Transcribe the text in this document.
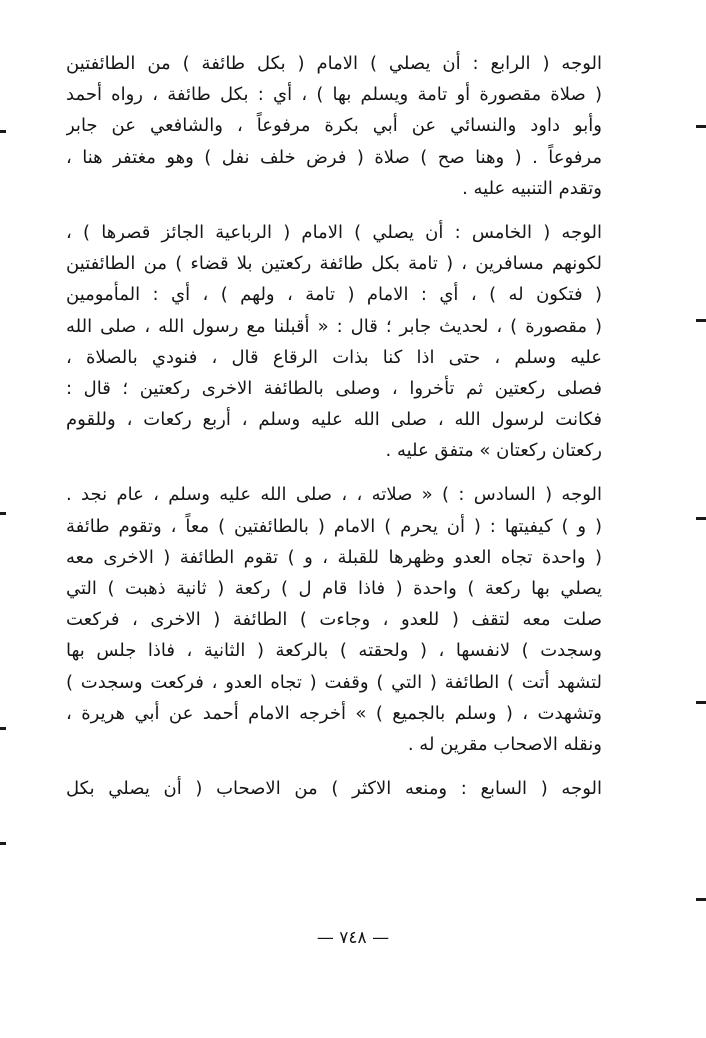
الوجه ( الرابع : أن يصلي ) الامام ( بكل طائفة ) من الطائفتين
( صلاة مقصورة أو تامة ويسلم بها ) ، أي : بكل طائفة ، رواه أحمد
وأبو داود والنسائي عن أبي بكرة مرفوعاً ، والشافعي عن جابر
مرفوعاً . ( وهنا صح ) صلاة ( فرض خلف نفل ) وهو مغتفر هنا ،
وتقدم التنبيه عليه .
الوجه ( الخامس : أن يصلي ) الامام ( الرباعية الجائز قصرها ) ،
لكونهم مسافرين ، ( تامة بكل طائفة ركعتين بلا قضاء ) من الطائفتين
( فتكون له ) ، أي : الامام ( تامة ، ولهم ) ، أي : المأمومين
( مقصورة ) ، لحديث جابر ؛ قال : « أقبلنا مع رسول الله ، صلى الله
عليه وسلم ، حتى اذا كنا بذات الرقاع قال ، فنودي بالصلاة ،
فصلى ركعتين ثم تأخروا ، وصلى بالطائفة الاخرى ركعتين ؛ قال :
فكانت لرسول الله ، صلى الله عليه وسلم ، أربع ركعات ، وللقوم
ركعتان ركعتان » متفق عليه .
الوجه ( السادس : ) « صلاته ، ، صلى الله عليه وسلم ، عام نجد .
( و ) كيفيتها : ( أن يحرم ) الامام ( بالطائفتين ) معاً ، وتقوم طائفة
( واحدة تجاه العدو وظهرها للقبلة ، و ) تقوم الطائفة ( الاخرى معه
يصلي بها ركعة ) واحدة ( فاذا قام ل ) ركعة ( ثانية ذهبت ) التي
صلت معه لتقف ( للعدو ، وجاءت ) الطائفة ( الاخرى ، فركعت
وسجدت ) لانفسها ، ( ولحقته ) بالركعة ( الثانية ، فاذا جلس بها
لتشهد أتت ) الطائفة ( التي ) وقفت ( تجاه العدو ، فركعت وسجدت )
وتشهدت ، ( وسلم بالجميع ) » أخرجه الامام أحمد عن أبي هريرة ،
ونقله الاصحاب مقرين له .
الوجه ( السابع : ومنعه الاكثر ) من الاصحاب ( أن يصلي بكل
— ٧٤٨ —
